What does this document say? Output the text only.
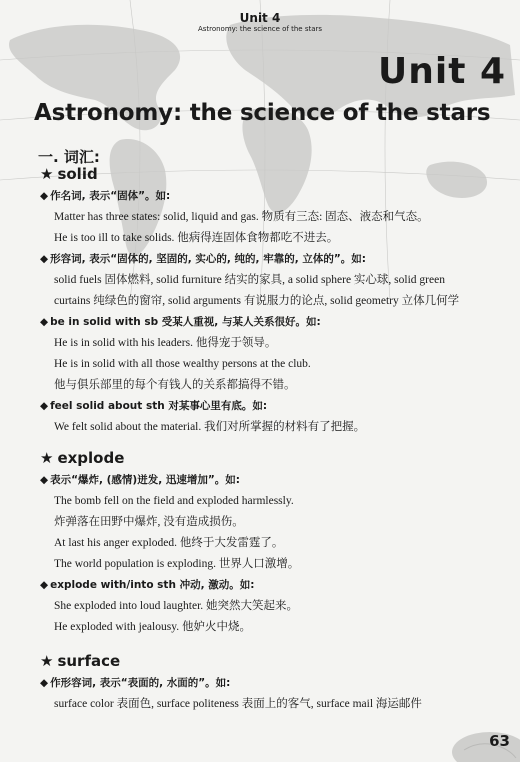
Unit 4
Astronomy: the science of the stars
Unit 4
Astronomy: the science of the stars
一. 词汇:
★ solid
◆ 作名词, 表示“固体”。如:
Matter has three states: solid, liquid and gas. 物质有三态: 固态、液态和气态。
He is too ill to take solids. 他病得连固体食物都吃不进去。
◆ 形容词, 表示“固体的, 坚固的, 实心的, 纯的, 牢靠的, 立体的”。如:
solid fuels 固体燃料, solid furniture 结实的家具, a solid sphere 实心球, solid green
curtains 纯绿色的窗帘, solid arguments 有说服力的论点, solid geometry 立体几何学
◆ be in solid with sb 受某人重视, 与某人关系很好。如:
He is in solid with his leaders. 他得宠于领导。
He is in solid with all those wealthy persons at the club.
他与俱乐部里的每个有钱人的关系都搞得不错。
◆ feel solid about sth 对某事心里有底。如:
We felt solid about the material. 我们对所掌握的材料有了把握。
★ explode
◆ 表示“爆炸, (感情)迸发, 迅速增加”。如:
The bomb fell on the field and exploded harmlessly.
炸弹落在田野中爆炸, 没有造成损伤。
At last his anger exploded. 他终于大发雷霆了。
The world population is exploding. 世界人口激增。
◆ explode with/into sth 冲动, 激动。如:
She exploded into loud laughter. 她突然大笑起来。
He exploded with jealousy. 他妒火中烧。
★ surface
◆ 作形容词, 表示“表面的, 水面的”。如:
surface color 表面色, surface politeness 表面上的客气, surface mail 海运邮件
63
